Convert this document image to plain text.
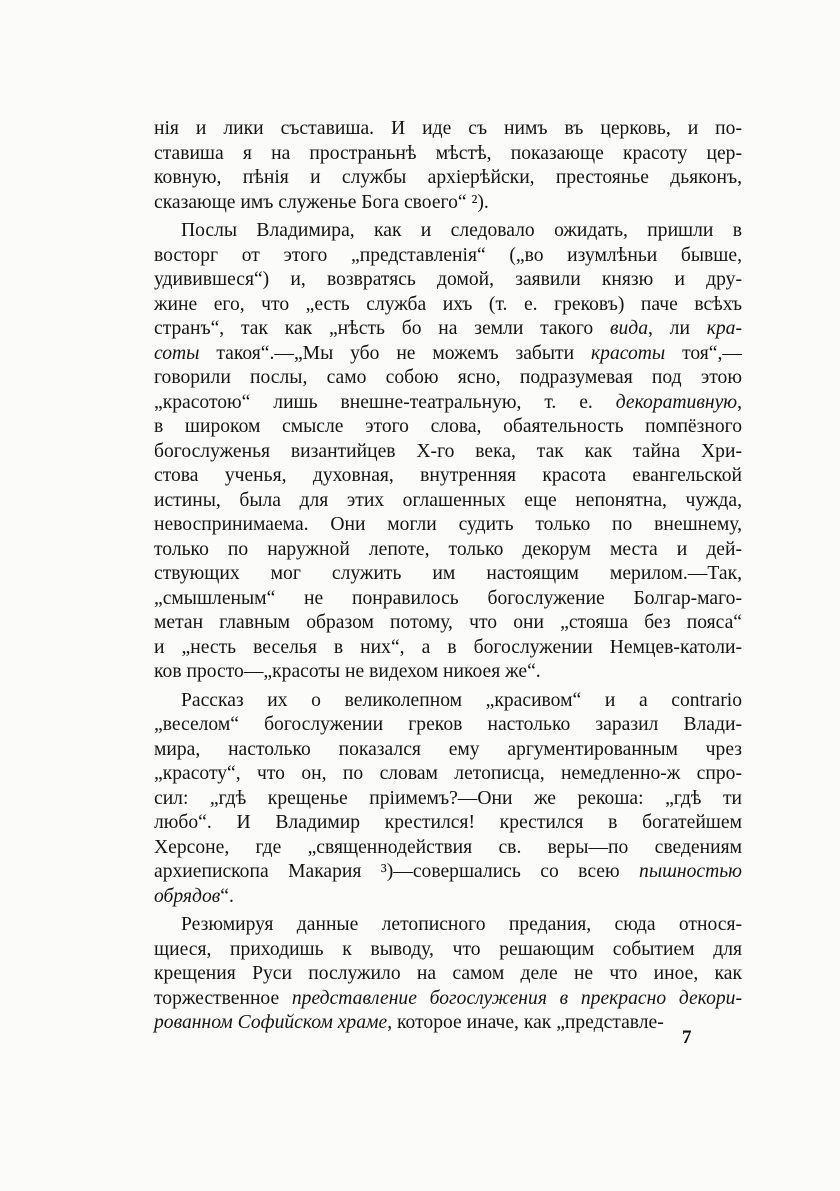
нія и лики съставиша. И иде съ нимъ въ церковь, и по-
ставиша я на пространьнѣ мѣстѣ, показающе красоту цер-
ковную, пѣнія и службы архіерѣйски, престоянье дьяконъ,
сказающе имъ служенье Бога своего“ ²).
Послы Владимира, как и следовало ожидать, пришли в
восторг от этого „представленія“ („во изумлѣньи бывше,
удивившеся“) и, возвратясь домой, заявили князю и дру-
жине его, что „есть служба ихъ (т. е. грековъ) паче всѣхъ
странъ“, так как „нѣсть бо на земли такого вида, ли кра-
соты такоя“.—„Мы убо не можемъ забыти красоты тоя“,—
говорили послы, само собою ясно, подразумевая под этою
„красотою“ лишь внешне-театральную, т. е. декоративную,
в широком смысле этого слова, обаятельность помпёзного
богослуженья византийцев X-го века, так как тайна Хри-
стова ученья, духовная, внутренняя красота евангельской
истины, была для этих оглашенных еще непонятна, чужда,
невоспринимаема. Они могли судить только по внешнему,
только по наружной лепоте, только декорум места и дей-
ствующих мог служить им настоящим мерилом.—Так,
„смышленым“ не понравилось богослужение Болгар-маго-
метан главным образом потому, что они „стояша без пояса“
и „несть веселья в них“, а в богослужении Немцев-католи-
ков просто—„красоты не видехом никоея же“.
Рассказ их о великолепном „красивом“ и a contrario
„веселом“ богослужении греков настолько заразил Влади-
мира, настолько показался ему аргументированным чрез
„красоту“, что он, по словам летописца, немедленно-ж спро-
сил: „гдѣ крещенье пріимемъ?—Они же рекоша: „гдѣ ти
любо“. И Владимир крестился! крестился в богатейшем
Херсоне, где „священнодействия св. веры—по сведениям
архиепископа Макария ³)—совершались со всею пышностью
обрядов“.
Резюмируя данные летописного предания, сюда относя-
щиеся, приходишь к выводу, что решающим событием для
крещения Руси послужило на самом деле не что иное, как
торжественное представление богослужения в прекрасно декори-
рованном Софийском храме, которое иначе, как „представле-
7
